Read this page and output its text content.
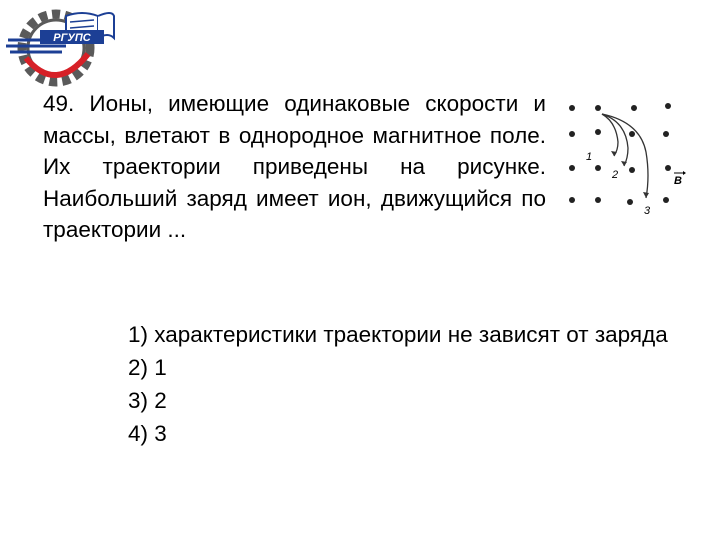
РГУПС

49. Ионы, имеющие одинаковые скорости и массы, влетают в однородное магнитное поле. Их траектории приведены на рисунке. Наибольший заряд имеет ион, движущийся по траектории ...

1
2
3
B

1) характеристики траектории не зависят от заряда

2) 1

3) 2

4) 3
